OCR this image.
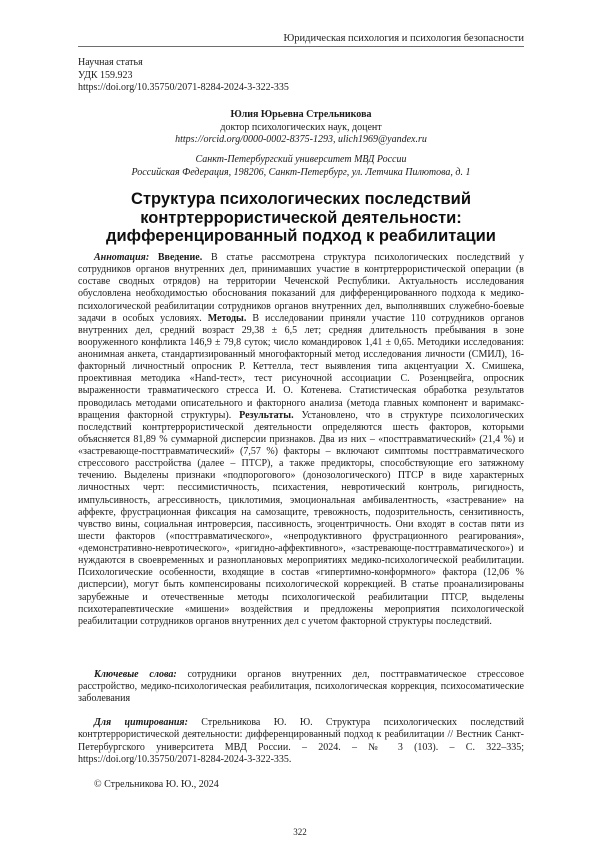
Юридическая психология и психология безопасности
Научная статья
УДК 159.923
https://doi.org/10.35750/2071-8284-2024-3-322-335
Юлия Юрьевна Стрельникова
доктор психологических наук, доцент
https://orcid.org/0000-0002-8375-1293, ulich1969@yandex.ru
Санкт-Петербургский университет МВД России
Российская Федерация, 198206, Санкт-Петербург, ул. Летчика Пилютова, д. 1
Структура психологических последствий контртеррористической деятельности: дифференцированный подход к реабилитации
Аннотация: Введение. В статье рассмотрена структура психологических последствий у сотрудников органов внутренних дел, принимавших участие в контртеррористической операции (в составе сводных отрядов) на территории Чеченской Республики. Актуальность исследования обусловлена необходимостью обоснования показаний для дифференцированного подхода к медико-психологической реабилитации сотрудников органов внутренних дел, выполнявших служебно-боевые задачи в особых условиях. Методы. В исследовании приняли участие 110 сотрудников органов внутренних дел, средний возраст 29,38 ± 6,5 лет; средняя длительность пребывания в зоне вооруженного конфликта 146,9 ± 79,8 суток; число командировок 1,41 ± 0,65. Методики исследования: анонимная анкета, стандартизированный многофакторный метод исследования личности (СМИЛ), 16-факторный личностный опросник Р. Кеттелла, тест выявления типа акцентуации Х. Смишека, проективная методика «Hand-тест», тест рисуночной ассоциации С. Розенцвейга, опросник выраженности травматического стресса И. О. Котенева. Статистическая обработка результатов проводилась методами описательного и факторного анализа (метода главных компонент и варимакс-вращения факторной структуры). Результаты. Установлено, что в структуре психологических последствий контртеррористической деятельности определяются шесть факторов, которыми объясняется 81,89 % суммарной дисперсии признаков. Два из них – «посттравматический» (21,4 %) и «застревающе-посттравматический» (7,57 %) факторы – включают симптомы посттравматического стрессового расстройства (далее – ПТСР), а также предикторы, способствующие его затяжному течению. Выделены признаки «подпорогового» (донозологического) ПТСР в виде характерных личностных черт: пессимистичность, психастения, невротический контроль, ригидность, импульсивность, агрессивность, циклотимия, эмоциональная амбивалентность, «застревание» на аффекте, фрустрационная фиксация на самозащите, тревожность, подозрительность, сензитивность, чувство вины, социальная интроверсия, пассивность, эгоцентричность. Они входят в состав пяти из шести факторов («посттравматического», «непродуктивного фрустрационного реагирования», «демонстративно-невротического», «ригидно-аффективного», «застревающе-посттравматического») и нуждаются в своевременных и разноплановых мероприятиях медико-психологической реабилитации. Психологические особенности, входящие в состав «гипертимно-конформного» фактора (12,06 % дисперсии), могут быть компенсированы психологической коррекцией. В статье проанализированы зарубежные и отечественные методы психологической реабилитации ПТСР, выделены психотерапевтические «мишени» воздействия и предложены мероприятия психологической реабилитации сотрудников органов внутренних дел с учетом факторной структуры последствий.
Ключевые слова: сотрудники органов внутренних дел, посттравматическое стрессовое расстройство, медико-психологическая реабилитация, психологическая коррекция, психосоматические заболевания
Для цитирования: Стрельникова Ю. Ю. Структура психологических последствий контртеррористической деятельности: дифференцированный подход к реабилитации // Вестник Санкт-Петербургского университета МВД России. – 2024. – № 3 (103). – С. 322–335; https://doi.org/10.35750/2071-8284-2024-3-322-335.
© Стрельникова Ю. Ю., 2024
322
